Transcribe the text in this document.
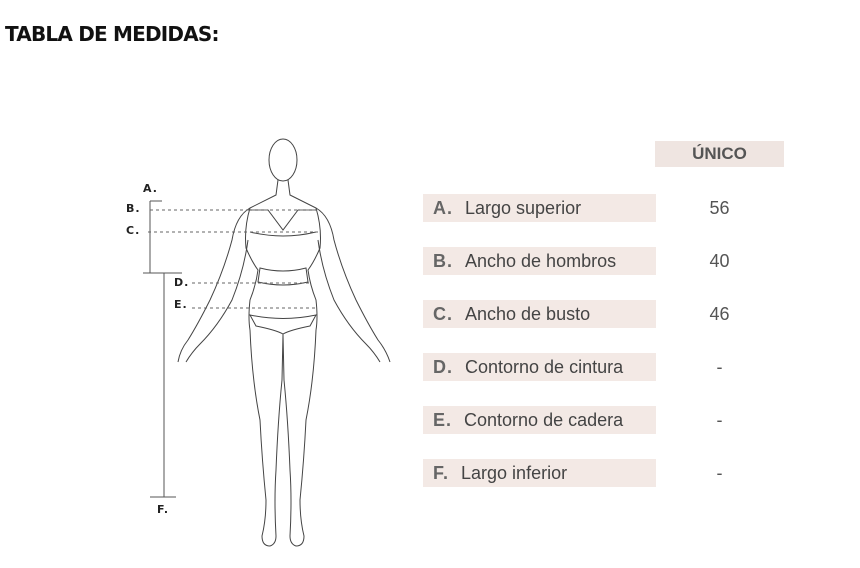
TABLA DE MEDIDAS:
A.
B.
C.
D.
E.
F.
ÚNICO
A. Largo superior	56
B. Ancho de hombros	40
C. Ancho de busto	46
D. Contorno de cintura	-
E. Contorno de cadera	-
F. Largo inferior	-
